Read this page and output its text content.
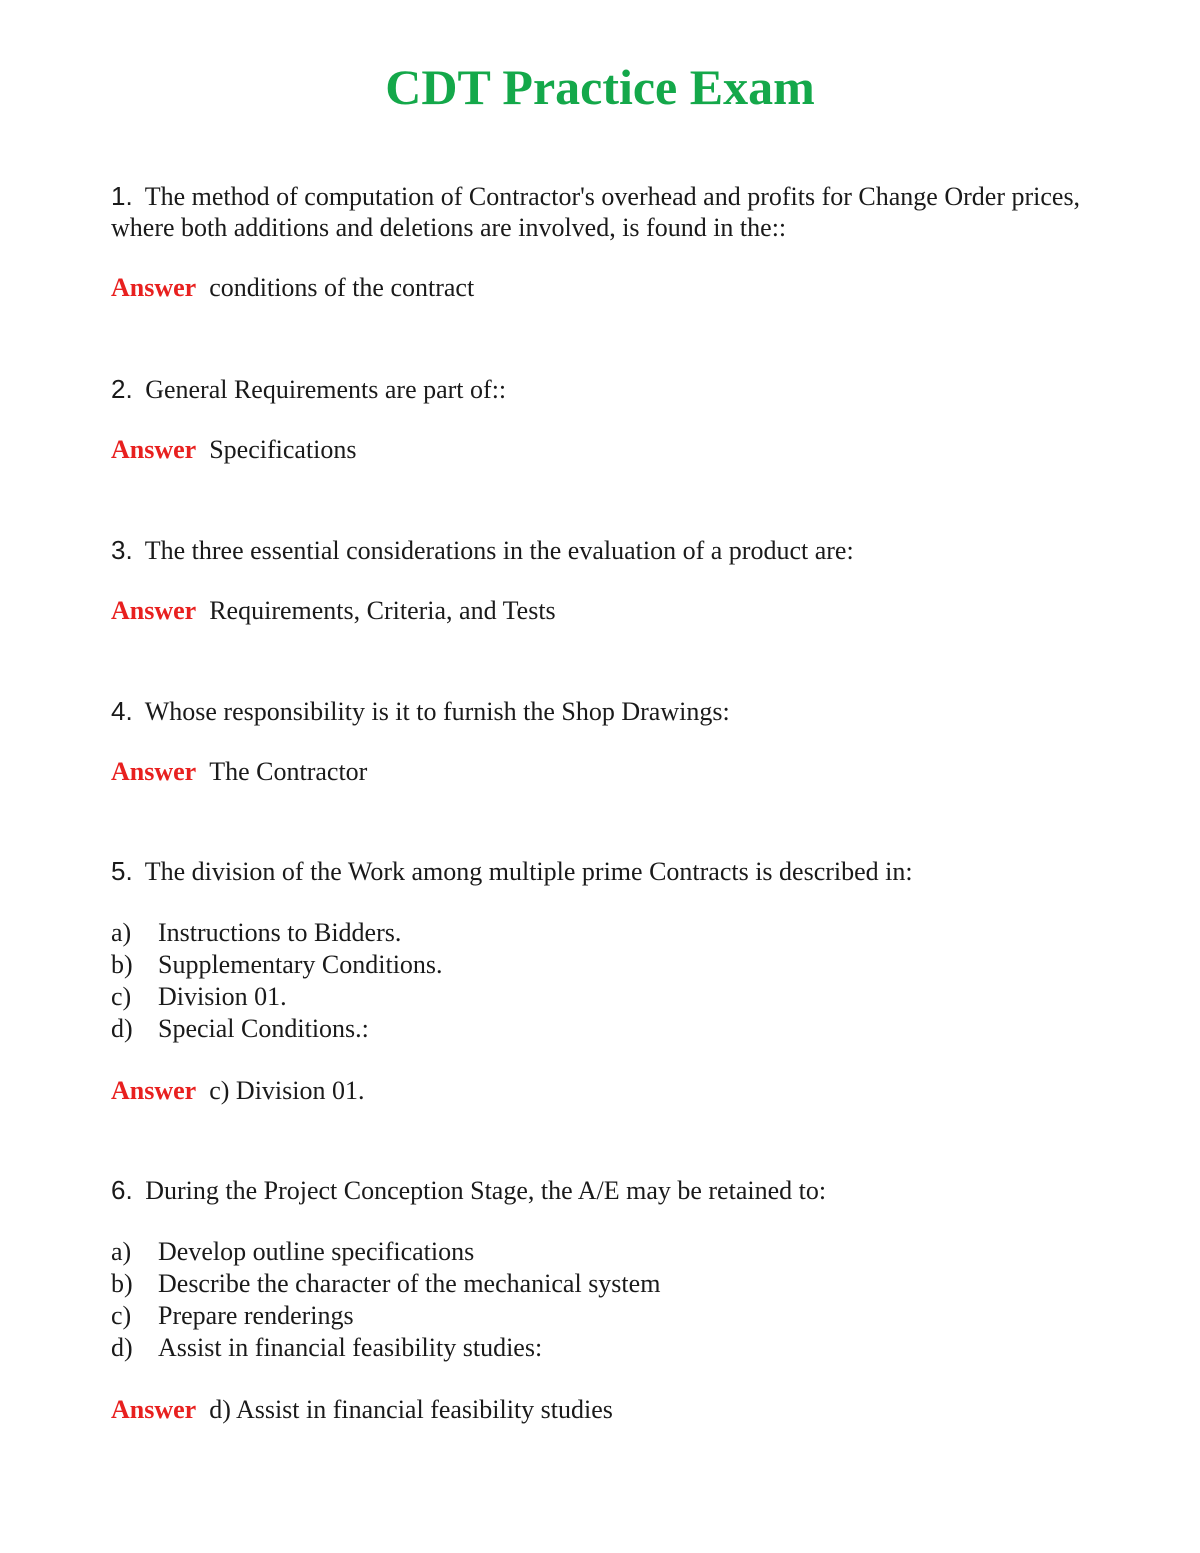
CDT Practice Exam

1. The method of computation of Contractor's overhead and profits for Change Order prices, where both additions and deletions are involved, is found in the::

Answer conditions of the contract

2. General Requirements are part of::

Answer Specifications

3. The three essential considerations in the evaluation of a product are:

Answer Requirements, Criteria, and Tests

4. Whose responsibility is it to furnish the Shop Drawings:

Answer The Contractor

5. The division of the Work among multiple prime Contracts is described in:

a) Instructions to Bidders.
b) Supplementary Conditions.
c) Division 01.
d) Special Conditions.:

Answer c) Division 01.

6. During the Project Conception Stage, the A/E may be retained to:

a) Develop outline specifications
b) Describe the character of the mechanical system
c) Prepare renderings
d) Assist in financial feasibility studies:

Answer d) Assist in financial feasibility studies
